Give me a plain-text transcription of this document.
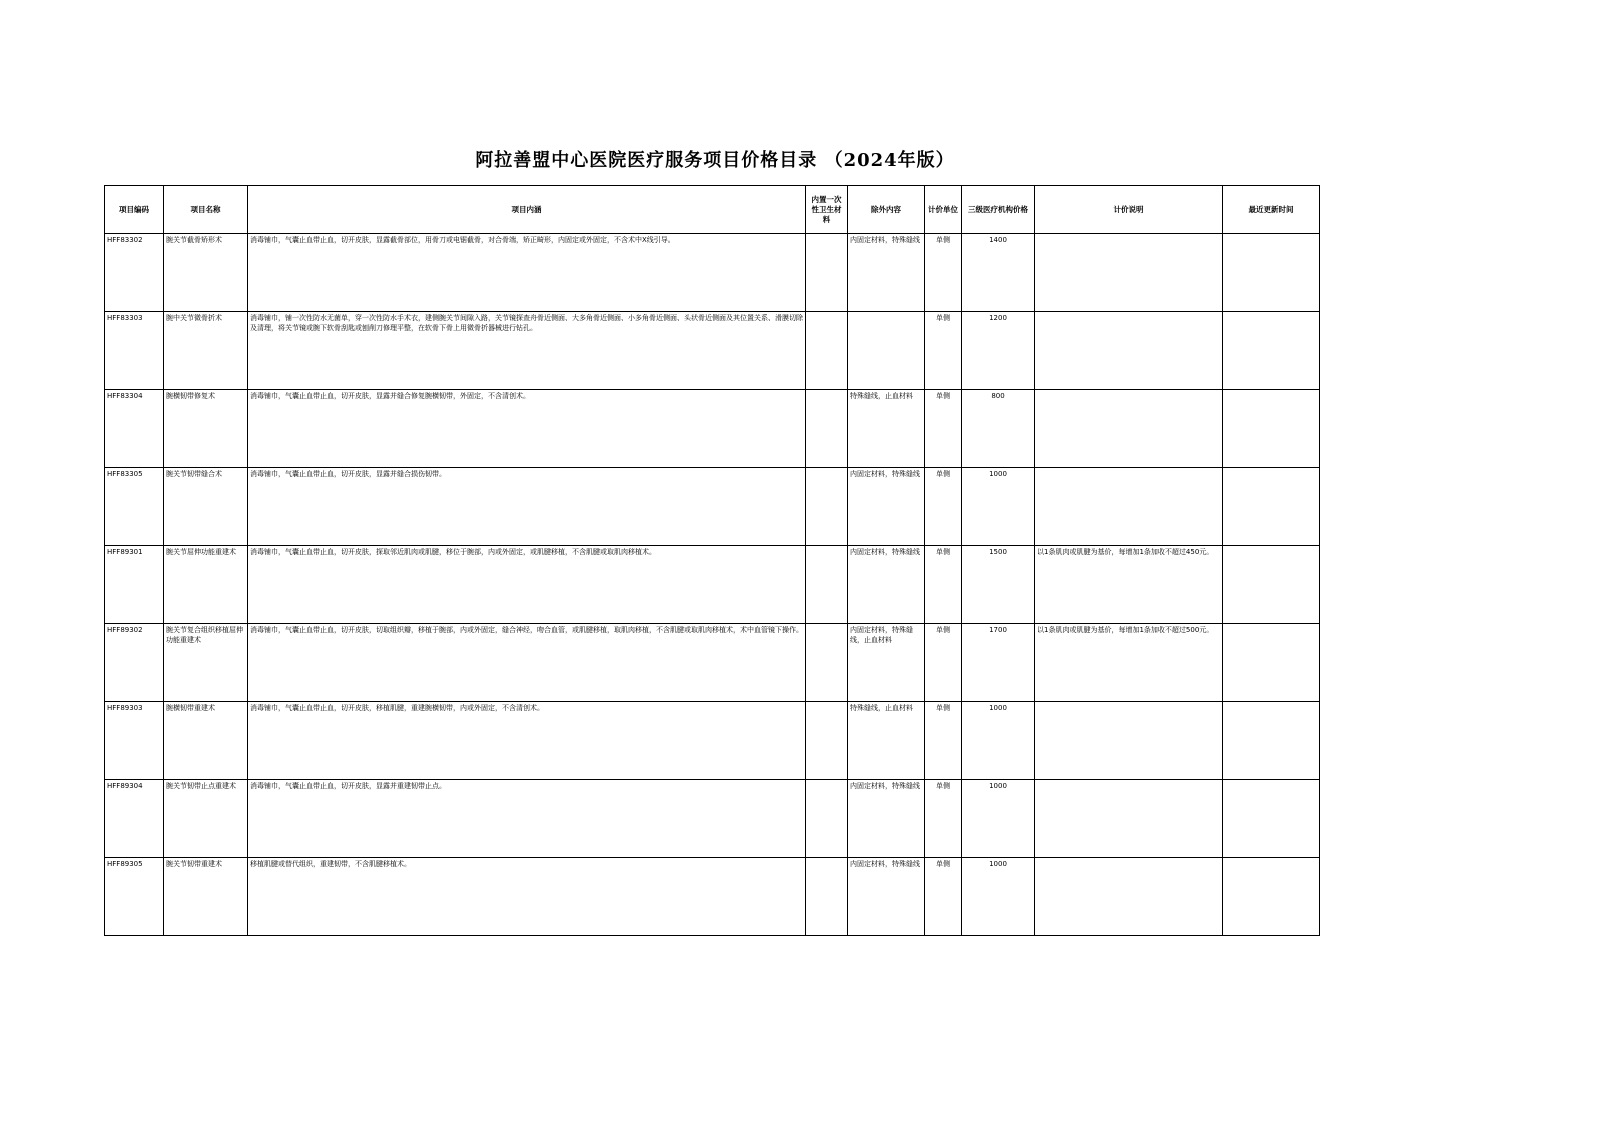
阿拉善盟中心医院医疗服务项目价格目录 （2024年版）
项目编码	项目名称	项目内涵	内置一次性卫生材料	除外内容	计价单位	三级医疗机构价格	计价说明	最近更新时间
HFF83302	腕关节截骨矫形术	消毒铺巾，气囊止血带止血，切开皮肤，显露截骨部位，用骨刀或电锯截骨，对合骨端，矫正畸形，内固定或外固定，不含术中X线引导。		内固定材料，特殊缝线	单侧	1400		
HFF83303	腕中关节微骨折术	消毒铺巾，铺一次性防水无菌单，穿一次性防水手术衣，建侧腕关节间隙入路，关节镜探查舟骨近侧面、大多角骨近侧面、小多角骨近侧面、头状骨近侧面及其位置关系、滑膜切除及清理，将关节镜或腕下软骨刮匙或刨削刀修理平整，在软骨下骨上用微骨折器械进行钻孔。			单侧	1200		
HFF83304	腕横韧带修复术	消毒铺巾，气囊止血带止血，切开皮肤，显露并缝合修复腕横韧带，外固定，不含清创术。		特殊缝线，止血材料	单侧	800		
HFF83305	腕关节韧带缝合术	消毒铺巾，气囊止血带止血，切开皮肤，显露并缝合损伤韧带。		内固定材料，特殊缝线	单侧	1000		
HFF89301	腕关节屈伸功能重建术	消毒铺巾，气囊止血带止血，切开皮肤，探取邻近肌肉或肌腱，移位于腕部，内或外固定，或肌腱移植，不含肌腱或取肌肉移植术。		内固定材料，特殊缝线	单侧	1500	以1条肌肉或肌腱为基价，每增加1条加收不超过450元。	
HFF89302	腕关节复合组织移植屈伸功能重建术	消毒铺巾，气囊止血带止血，切开皮肤，切取组织瓣，移植于腕部，内或外固定，缝合神经，吻合血管，或肌腱移植，取肌肉移植，不含肌腱或取肌肉移植术，术中血管镜下操作。		内固定材料，特殊缝线，止血材料	单侧	1700	以1条肌肉或肌腱为基价，每增加1条加收不超过500元。	
HFF89303	腕横韧带重建术	消毒铺巾，气囊止血带止血，切开皮肤，移植肌腱，重建腕横韧带，内或外固定，不含清创术。		特殊缝线，止血材料	单侧	1000		
HFF89304	腕关节韧带止点重建术	消毒铺巾，气囊止血带止血，切开皮肤，显露并重建韧带止点。		内固定材料，特殊缝线	单侧	1000		
HFF89305	腕关节韧带重建术	移植肌腱或替代组织，重建韧带，不含肌腱移植术。		内固定材料，特殊缝线	单侧	1000		
